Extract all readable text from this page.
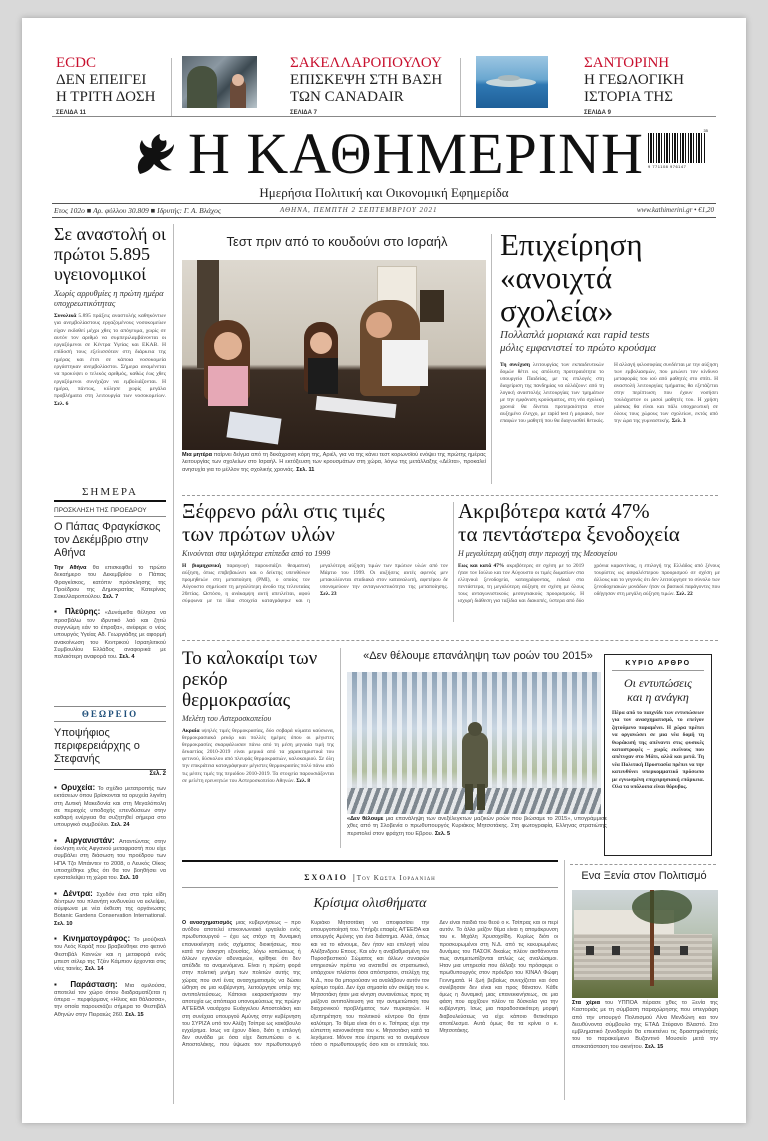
ECDC
ΔΕΝ ΕΠΕΙΓΕΙ
Η ΤΡΙΤΗ ΔΟΣΗ
ΣΕΛΙΔΑ 11
ΣΑΚΕΛΛΑΡΟΠΟΥΛΟΥ
ΕΠΙΣΚΕΨΗ ΣΤΗ ΒΑΣΗ
ΤΩΝ CANADAIR
ΣΕΛΙΔΑ 7
ΣΑΝΤΟΡΙΝΗ
Η ΓΕΩΛΟΓΙΚΗ
ΙΣΤΟΡΙΑ ΤΗΣ
ΣΕΛΙΔΑ 9
Η ΚΑΘΗΜΕΡΙΝΗ 9 771108 976147
35
Ημερήσια Πολιτική και Οικονομική Εφημερίδα
Ετος 102ο ■ Αρ. φύλλου 30.809 ■ Ιδρυτής: Γ. Α. Βλάχος	ΑΘΗΝΑ, ΠΕΜΠΤΗ 2 ΣΕΠΤΕΜΒΡΙΟΥ 2021	www.kathimerini.gr • €1,20
Σε αναστολή οι πρώτοι 5.895 υγειονομικοί
Χωρίς αρρυθμίες η πρώτη ημέρα υποχρεωτικότητας
Συνολικά 5.895 πράξεις αναστολής καθηκόντων για ανεμβολίαστους εργαζομένους νοσοκομείων είχαν εκδοθεί μέχρι χθες το απόγευμα, χωρίς σε αυτόν τον αριθμό να συμπεριλαμβάνονται οι εργαζόμενοι σε Κέντρα Υγείας και ΕΚΑΒ. Η επίδοσή τους εξελισσόταν στη διάρκεια της ημέρας και έτσι σε κάποια νοσοκομεία εργάστηκαν ανεμβολίαστοι. Σήμερα αναμένεται να προκύψει ο τελικός αριθμός, καθώς έως χθες εργαζόμενοι συνέχιζαν να εμβολιάζονται. Η ημέρα, πάντως, κύλησε χωρίς μεγάλα προβλήματα στη λειτουργία των νοσοκομείων. Σελ. 6
ΣΗΜΕΡΑ
ΠΡΟΣΚΛΗΣΗ ΤΗΣ ΠΡΟΕΔΡΟΥ
Ο Πάπας Φραγκίσκος τον Δεκέμβριο στην Αθήνα
Την Αθήνα θα επισκεφθεί το πρώτο δεκαήμερο του Δεκεμβρίου ο Πάπας Φραγκίσκος, κατόπιν πρόσκλησης της Προέδρου της Δημοκρατίας Κατερίνας Σακελλαροπούλου. Σελ. 7
▪ Πλεύρης: «Δυνάμεθα θέλησα να προσβάλω τον ιδρυτικό λαό και ζητώ συγγνώμη εάν το έπραξα», ανέφερε ο νέος υπουργός Υγείας Αδ. Γεωργιάδης με αφορμή ανακοίνωση του Κεντρικού Ισραηλιτικού Συμβουλίου Ελλάδος αναφορικά με παλαιότερη αναφορά του. Σελ. 4
ΘΕΩΡΕΙΟ
Υποψήφιος περιφερειάρχης ο Στεφανής
Σελ. 2
▪ Ορυχεία: Το σχέδιο μετατροπής των εκτάσεων όπου βρίσκονται τα ορυχεία λιγνίτη στη Δυτική Μακεδονία και στη Μεγαλόπολη σε περιοχές υποδοχής επενδύσεων στην καθαρή ενέργεια θα συζητηθεί σήμερα στο υπουργικό συμβούλιο. Σελ. 24
▪ Αιργανιστάν: Απαντώντας στην έκκληση ενός Αφγανού μεταφραστή που είχε συμβάλει στη διάσωση του προέδρου των ΗΠΑ Τζο Μπάιντεν το 2008, ο Λευκός Οίκος υποσχέθηκε χθες ότι θα τον βοηθήσει να εγκαταλείψει τη χώρα του. Σελ. 10
▪ Δέντρα: Σχεδόν ένα στα τρία είδη δέντρων του πλανήτη κινδυνεύει να εκλείψει, σύμφωνα με νέα έκθεση της οργάνωσης Botanic Gardens Conservation International. Σελ. 10
▪ Κινηματογράφος: Το μιούζικαλ του Λεός Καράξ που βραβεύθηκε στο φετινό Φεστιβάλ Καννών και η μεταφορά ενός μπεστ σέλερ της Τζέιν Κάμπιον έρχονται στις νέες ταινίες. Σελ. 14
▪ Παράσταση: Μια ομιλούσα, αποτελεί τον χώρο όπου διαδραματίζεται η όπερα – περφόρμανς «Ηλιος και θάλασσα», την οποία παρουσιάζει σήμερα το Φεστιβάλ Αθηνών στην Πειραιώς 260. Σελ. 15
Τεστ πριν από το κουδούνι στο Ισραήλ
Μια μητέρα παίρνει δείγμα από τη δεκάχρονη κόρη της, Αριέλ, για να της κάνει τεστ κορωνοϊού ενόψει της πρώτης ημέρας λειτουργίας των σχολείων στο Ισραήλ. Η εκτόξευση των κρουσμάτων στη χώρα, λόγω της μετάλλαξης «Δέλτα», προκαλεί ανησυχία για το μέλλον της σχολικής χρονιάς. Σελ. 11
Επιχείρηση
«ανοιχτά
σχολεία»
Πολλαπλά μοριακά και rapid tests
μόλις εμφανιστεί το πρώτο κρούσμα
Τη συνέχιση λειτουργίας των εκπαιδευτικών δομών θέτει ως απόλυτη προτεραιότητα το υπουργείο Παιδείας, με τις επιλογές στη διαχείριση της πανδημίας να αλλάζουν: από τη λογική αναστολής λειτουργίας των τμημάτων με την εμφάνιση κρούσματος, στη νέα σχολική χρονιά θα δίνεται προτεραιότητα στον αυξημένο έλεγχο, με rapid test ή μοριακό, των επαφών του μαθητή που θα διαγνωσθεί θετικός. Η αλλαγή φιλοσοφίας συνδέεται με την αύξηση των εμβολιασμών, που μειώνει τον κίνδυνο μεταφοράς του ιού από μαθητές στο σπίτι. Η αναστολή λειτουργίας τμήματος θα εξετάζεται στην περίπτωση που έχουν νοσήσει τουλάχιστον οι μισοί μαθητές του. Η χρήση μάσκας θα είναι και πάλι υποχρεωτική σε όλους τους χώρους των σχολείων, εκτός από την ώρα της γυμναστικής. Σελ. 3
Ξέφρενο ράλι στις τιμές
των πρώτων υλών
Κινούνται στα υψηλότερα επίπεδα από το 1999
Η βιομηχανική παραγωγή παρουσιάζει θεαματική αύξηση, όπως επιβεβαιώνει και ο δείκτης υπευθύνων προμηθειών στη μεταποίηση (PMI), ο οποίος τον Αύγουστο σημείωσε τη μεγαλύτερη άνοδο της τελευταίας 20ετίας. Ωστόσο, η ανάκαμψη αυτή απειλείται, αφού σύμφωνα με τα ίδια στοιχεία καταγράφηκε και η μεγαλύτερη αύξηση τιμών των πρώτων υλών από τον Μάρτιο του 1999. Οι αυξήσεις αυτές αφενός μεν μετακυλίονται σταδιακά στον καταναλωτή, αφετέρου δε υπονομεύουν την ανταγωνιστικότητα της μεταποίησης. Σελ. 23
Ακριβότερα κατά 47%
τα πεντάστερα ξενοδοχεία
Η μεγαλύτερη αύξηση στην περιοχή της Μεσογείου
Εως και κατά 47% ακριβότερες σε σχέση με το 2019 ήταν τον Ιούλιο και τον Αύγουστο οι τιμές δωματίων στα ελληνικά ξενοδοχεία, καταγράφοντας, ειδικά στα πεντάστερα, τη μεγαλύτερη αύξηση σε σχέση με όλους τους ανταγωνιστικούς μεσογειακούς προορισμούς. Η ισχυρή διάθεση για ταξίδια και διακοπές, ύστερα από δύο χρόνια καραντίνας, η επιλογή της Ελλάδος από ξένους τουρίστες ως ασφαλέστερου προορισμού σε σχέση με άλλους και το γεγονός ότι δεν λειτούργησε το σύνολο των ξενοδοχειακών μονάδων ήταν οι βασικοί παράγοντες που οδήγησαν στη μεγάλη αύξηση τιμών. Σελ. 22
Το καλοκαίρι των ρεκόρ θερμοκρασίας
Μελέτη του Αστεροσκοπείου
Ακραία υψηλές τιμές θερμοκρασίας, δύο σοβαρά κύματα καύσωνα, θερμοκρασιακά ρεκόρ και πολλές ημέρες όπου οι μέγιστες θερμοκρασίες σκαρφάλωσαν πάνω από τη μέση μηνιαία τιμή της δεκαετίας 2010-2019 είναι μερικά από τα χαρακτηριστικά του φετινού, δύσκολου από πλευράς θερμοκρασιών, καλοκαιριού. Σε όλη την επικράτεια καταγράφηκαν μέγιστες θερμοκρασίες πολύ πάνω από τις μέσες τιμές της περιόδου 2010-2019. Τα στοιχεία παρουσιάζονται σε μελέτη ερευνητών του Αστεροσκοπείου Αθηνών. Σελ. 8
«Δεν θέλουμε επανάληψη των ροών του 2015»
«Δεν θέλουμε μια επανάληψη των ανεξέλεγκτων μαζικών ροών που βιώσαμε το 2015», υπογράμμισε χθες από τη Σλοβενία ο πρωθυπουργός Κυριάκος Μητσοτάκης. Στη φωτογραφία, Ελληνας στρατιώτης περιπολεί στον φράχτη του Εβρου. Σελ. 5
ΚΥΡΙΟ ΑΡΘΡΟ
Οι εντυπώσεις
και η ανάγκη
Πέρα από το παιχνίδι των εντυπώσεων για τον ανασχηματισμό, το επείγον ζητούμενο παραμένει. Η χώρα πρέπει να οργανώσει σε μια νέα δομή τη θωράκισή της απέναντι στις φυσικές καταστροφές – χωρίς εκείνους που απέτυχαν στο Μάτι, αλλά και μετά. Τη νέα Πολιτική Προστασία πρέπει να την κατευθύνει υπερκομματικό πρόσωπο με εγνωσμένη επιχειρησιακή επάρκεια. Ολα τα υπόλοιπα είναι θόρυβος.
ΣΧΟΛΙΟ | Του Κωστα Ιορδανιδη
Κρίσιμα ολισθήματα
Ο ανασχηματισμός μιας κυβερνήσεως – προ ανόδου αποτελεί επικοινωνιακό εργαλείο ενός πρωθυπουργού – έχει ως στόχο τη δυναμική επανεκκίνηση ενός σχήματος διοικήσεως, που κατά την άσκηση εξουσίας, λόγω κοπώσεως ή άλλων εγγενών αδυναμιών, κρίθηκε ότι δεν απέδιδε τα αναμενόμενα. Είναι η πρώτη φορά στην πολιτική μνήμη των πολιτών αυτής της χώρας που αντί ένας ανασχηματισμός να δώσει ώθηση σε μια κυβέρνηση, λειτούργησε υπέρ της αντιπολιτεύσεως. Κάποιοι εκαρακτήρισαν την αποτυχία ως απόπειρα υπονομεύσεως της πρώην Α/ΓΕΕΘΑ ναυάρχου Ευάγγελου Αποστολάκη και στη συνέχεια υπουργού Αμύνης στην κυβέρνηση του ΣΥΡΙΖΑ υπό τον Αλέξη Τσίπρα ως κακόβουλο εγχείρημα. Ισως να έχουν δίκιο, διότι η επιλογή δεν συνάδει με όσα είχε διατυπώσει ο κ. Αποστολάκης, που ύψωσε τον πρωθυπουργό Κυριάκο Μητσοτάκη να αποφασίσει την υπουργοποίησή του. Υπήρξε επαφές Α/ΓΕΕΘΑ και υπουργός Αμύνης για ένα διάστημα. Αλλά, όπως και να το κάνουμε, δεν ήταν και επιλογή νέου Αλέξανδρου Επους. Και εάν η αναβαθμισμένη του Πυροσβεστικού Σώματος και άλλων συναφών υπηρεσιών πρέπει να ανατεθεί σε στρατιωτικό, υπάρχουν πλείστοι όσοι απόστρατοι, στελέχη της Ν.Δ., που θα μπορούσαν να αναλάβουν αυτόν τον κρίσιμο τομέα. Δεν έχει σημασία εάν σκέψη του κ. Μητσοτάκη ήταν μια κίνηση συναινέσεως προς τη μείζονα αντιπολίτευση για την αντιμετώπιση του διαχρονικού προβλήματος των πυρκαγιών. Η εξυπηρέτηση του πολιτικού κέντρου θα ήταν καλύτερη. Το θέμα είναι ότι ο κ. Τσίπρας είχε την εύπεπτη κανονικότητα του κ. Μητσοτάκη κατά τα λεγόμενα. Μόνον που έπρεπε να το αναμένουν τόσο ο πρωθυπουργός όσο και οι επιτελείς του. Δεν είναι παιδιά του θεού ο κ. Τσίπρας και οι περί αυτόν. Το άλλο μείζον θέμα είναι η απομάκρυνση του κ. Μιχάλη Χρυσοχοΐδη. Κυρίως διότι οι προσκυρωμένοι στη Ν.Δ. από τις κεκυρωμένες δυνάμεις του ΠΑΣΟΚ δικαίως πλέον αισθάνονται πως αντιμετωπίζονται απλώς ως αναλώσιμοι. Ηταν μια υπηρεσία που άλλαξε του πρόσφερε ο πρωθυπουργός στον πρόεδρο του ΚΙΝΑΛ Φώφη Γεννηματά. Η ζωή βεβαίως συνεχίζεται και όσα συνέβησαν δεν είναι και προς θάνατον. Κάθε όμως η δυναμική μιας επανεκκινήσεως, σε μια φάση που αρχίζουν πλέον τα δύσκολα για την κυβέρνηση. Ισως μια παραδοσιακότερη μορφή διαβουλεύσεως να είχε κάποιο θετικότερο αποτέλεσμα. Αυτά όμως θα τα κρίνει ο κ. Μητσοτάκης.
Ενα Ξενία στον Πολιτισμό
Στα χέρια του ΥΠΠΟΑ πέρασε χθες το Ξενία της Καστοριάς με τη σύμβαση παραχώρησης που υπεγράφη από την υπουργό Πολιτισμού Λίνα Μενδώνη και τον διευθύνοντα σύμβουλο της ΕΤΑΔ Στέφανο Βλαστό. Στο εμβληματικό ξενοδοχείο θα επεκτείνει τις δραστηριότητές του το παρακείμενο Βυζαντινό Μουσείο μετά την αποκατάσταση του ακινήτου. Σελ. 15
